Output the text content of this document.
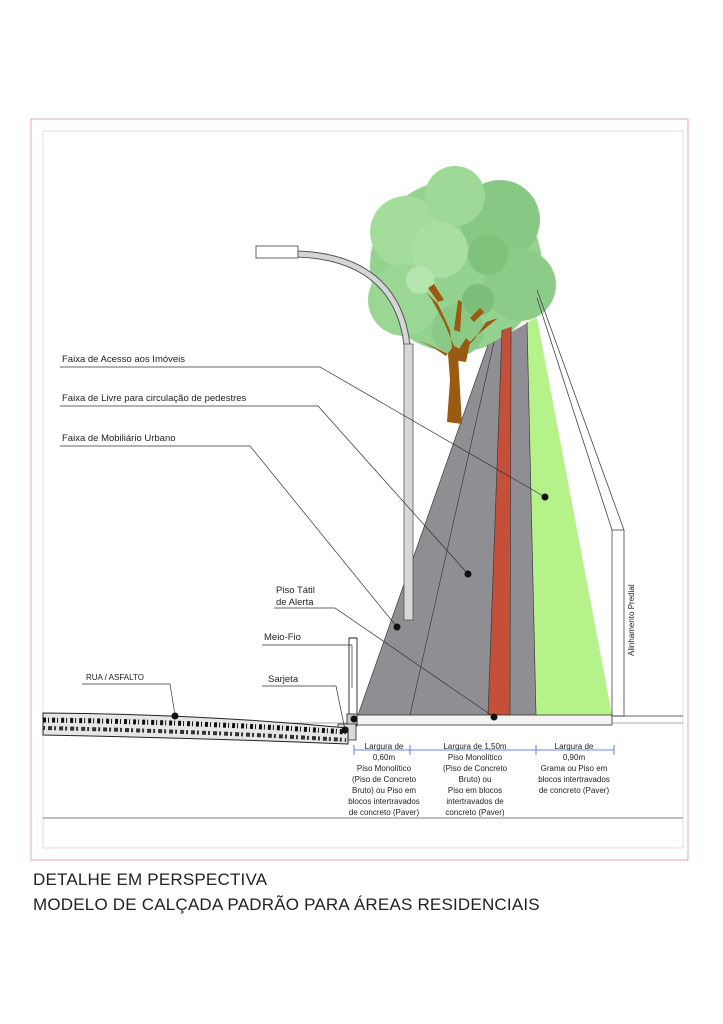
Faixa de Acesso aos Imóveis
Faixa de Livre para circulação de pedestres
Faixa de Mobiliário Urbano
Piso Tátil
de Alerta
Meio-Fio
Sarjeta
RUA / ASFALTO
Alinhamento Predial
Largura de
0,60m
Piso Monolítico
(Piso de Concreto
Bruto) ou Piso em
blocos intertravados
de concreto (Paver)
Largura de 1,50m
Piso Monolítico
(Piso de Concreto
Bruto) ou
Piso em blocos
intertravados de
concreto (Paver)
Largura de
0,90m
Grama ou Piso em
blocos intertravados
de concreto (Paver)
DETALHE EM PERSPECTIVA
MODELO DE CALÇADA PADRÃO PARA ÁREAS RESIDENCIAIS
